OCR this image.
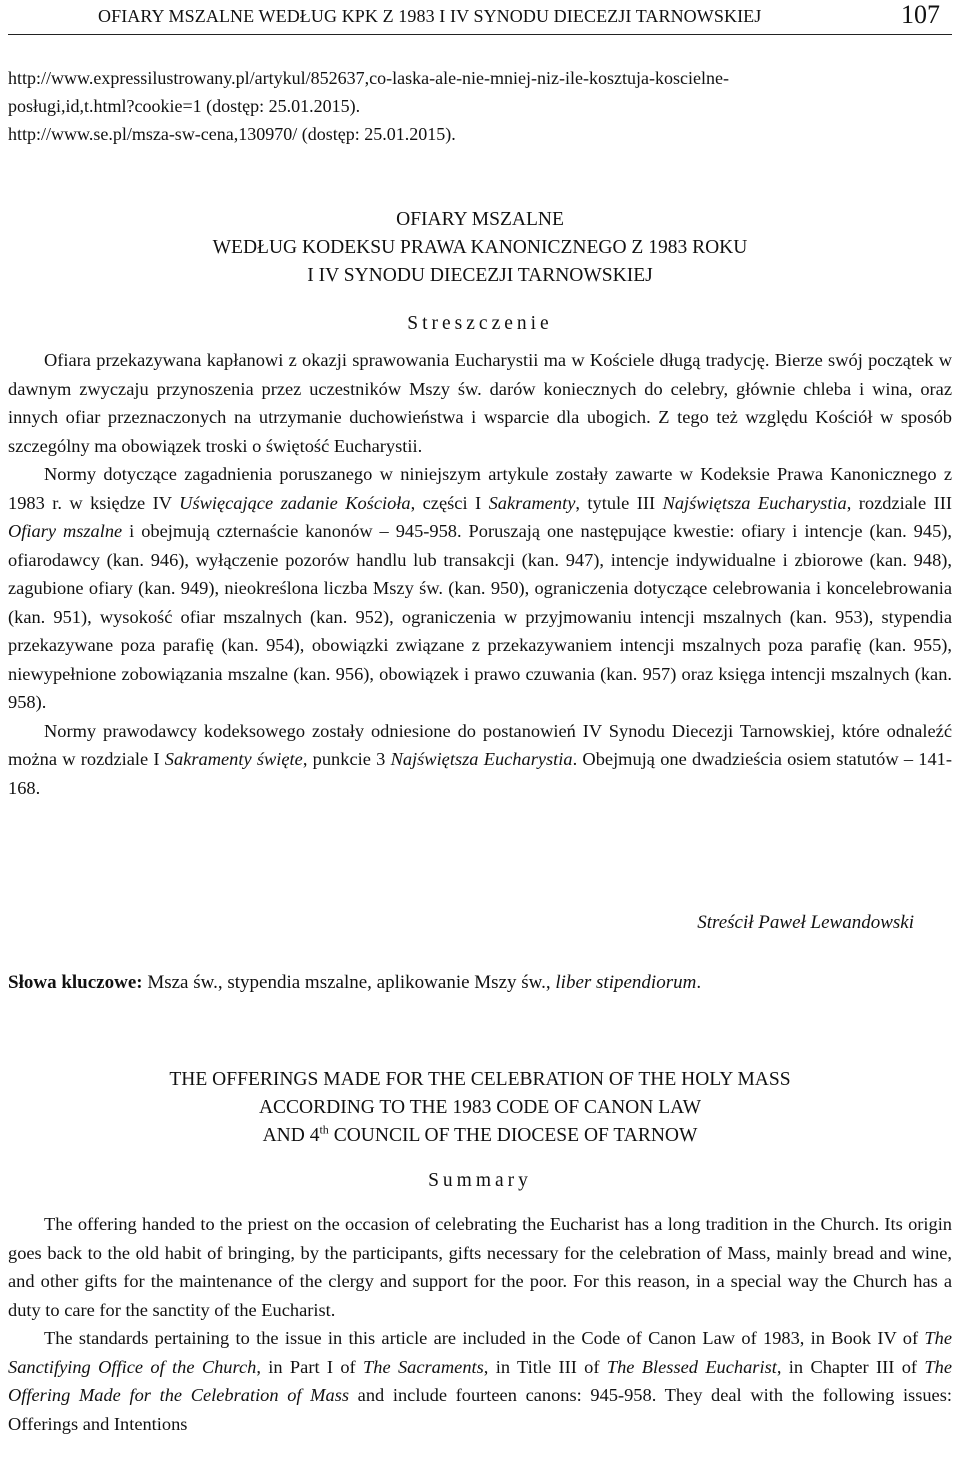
OFIARY MSZALNE WEDŁUG KPK Z 1983 I IV SYNODU DIECEZJI TARNOWSKIEJ	107

http://www.expressilustrowany.pl/artykul/852637,co-laska-ale-nie-mniej-niz-ile-kosztuja-koscielne-

posługi,id,t.html?cookie=1 (dostęp: 25.01.2015).

http://www.se.pl/msza-sw-cena,130970/ (dostęp: 25.01.2015).

OFIARY MSZALNE
WEDŁUG KODEKSU PRAWA KANONICZNEGO Z 1983 ROKU
I IV SYNODU DIECEZJI TARNOWSKIEJ
Streszczenie

Ofiara przekazywana kapłanowi z okazji sprawowania Eucharystii ma w Kościele długą tradycję. Bierze swój początek w dawnym zwyczaju przynoszenia przez uczestników Mszy św. darów koniecznych do celebry, głównie chleba i wina, oraz innych ofiar przeznaczonych na utrzymanie duchowieństwa i wsparcie dla ubogich. Z tego też względu Kościół w sposób szczególny ma obowiązek troski o świętość Eucharystii.

Normy dotyczące zagadnienia poruszanego w niniejszym artykule zostały zawarte w Kodeksie Prawa Kanonicznego z 1983 r. w księdze IV Uświęcające zadanie Kościoła, części I Sakramenty, tytule III Najświętsza Eucharystia, rozdziale III Ofiary mszalne i obejmują czternaście kanonów – 945-958. Poruszają one następujące kwestie: ofiary i intencje (kan. 945), ofiarodawcy (kan. 946), wyłączenie pozorów handlu lub transakcji (kan. 947), intencje indywidualne i zbiorowe (kan. 948), zagubione ofiary (kan. 949), nieokreślona liczba Mszy św. (kan. 950), ograniczenia dotyczące celebrowania i koncelebrowania (kan. 951), wysokość ofiar mszalnych (kan. 952), ograniczenia w przyjmowaniu intencji mszalnych (kan. 953), stypendia przekazywane poza parafię (kan. 954), obowiązki związane z przekazywaniem intencji mszalnych poza parafię (kan. 955), niewypełnione zobowiązania mszalne (kan. 956), obowiązek i prawo czuwania (kan. 957) oraz księga intencji mszalnych (kan. 958).

Normy prawodawcy kodeksowego zostały odniesione do postanowień IV Synodu Diecezji Tarnowskiej, które odnaleźć można w rozdziale I Sakramenty święte, punkcie 3 Najświętsza Eucharystia. Obejmują one dwadzieścia osiem statutów – 141-168.

Streścił Paweł Lewandowski
Słowa kluczowe: Msza św., stypendia mszalne, aplikowanie Mszy św., liber stipendiorum.
THE OFFERINGS MADE FOR THE CELEBRATION OF THE HOLY MASS
ACCORDING TO THE 1983 CODE OF CANON LAW
AND 4th COUNCIL OF THE DIOCESE OF TARNOW
Summary

The offering handed to the priest on the occasion of celebrating the Eucharist has a long tradition in the Church. Its origin goes back to the old habit of bringing, by the participants, gifts necessary for the celebration of Mass, mainly bread and wine, and other gifts for the maintenance of the clergy and support for the poor. For this reason, in a special way the Church has a duty to care for the sanctity of the Eucharist.

The standards pertaining to the issue in this article are included in the Code of Canon Law of 1983, in Book IV of The Sanctifying Office of the Church, in Part I of The Sacraments, in Title III of The Blessed Eucharist, in Chapter III of The Offering Made for the Celebration of Mass and include fourteen canons: 945-958. They deal with the following issues: Offerings and Intentions
